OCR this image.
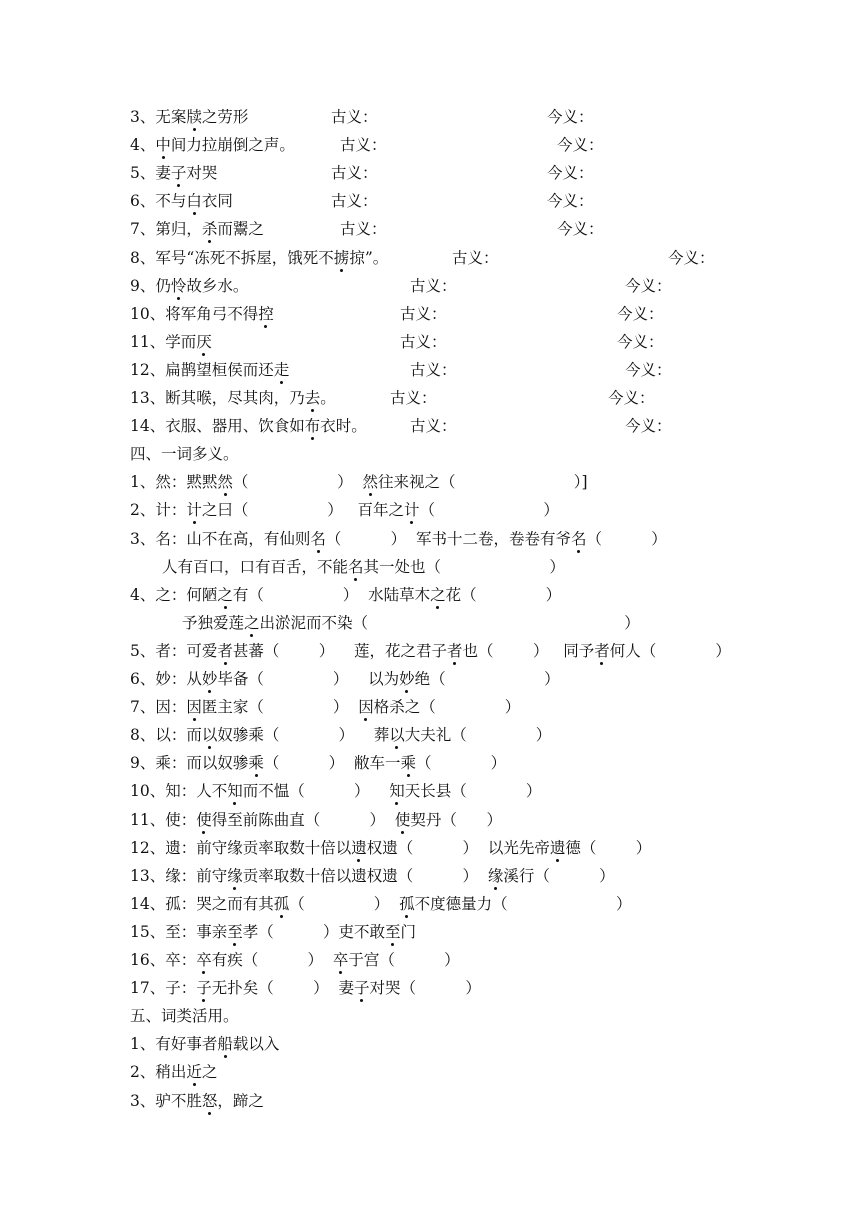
3、无案牍之劳形	古义：	今义：
4、中间力拉崩倒之声。	古义：	今义：
5、妻子对哭	古义：	今义：
6、不与白衣同	古义：	今义：
7、第归，杀而鬻之	古义：	今义：
8、军号“冻死不拆屋，饿死不掳掠”。	古义：	今义：
9、仍怜故乡水。	古义：	今义：
10、将军角弓不得控	古义：	今义：
11、学而厌	古义：	今义：
12、扁鹊望桓侯而还走	古义：	今义：
13、断其喉，尽其肉，乃去。	古义：	今义：
14、衣服、器用、饮食如布衣时。	古义：	今义：
四、一词多义。
1、然：黙黙然（                  ）  然往来视之（                        ）]
2、计：计之曰（                ）   百年之计（                      ）
3、名：山不在高，有仙则名（          ）  军书十二卷，卷卷有爷名（          ）
人有百口，口有百舌，不能名其一处也（                      ）
4、之：何陋之有（                ）  水陆草木之花（              ）
予独爱莲之出淤泥而不染（                                                    ）
5、者：可爱者甚蕃（        ）    莲，花之君子者也（        ）   同予者何人（            ）
6、妙：从妙毕备（              ）    以为妙绝（                    ）
7、因：因匿主家（              ）  因格杀之（              ）
8、以：而以奴骖乘（            ）    葬以大夫礼（              ）
9、乘：而以奴骖乘（          ）  敝车一乘（            ）
10、知：人不知而不愠（          ）    知天长县（            ）
11、使：使得至前陈曲直（          ）  使契丹（      ）
12、遗：前守缘贡率取数十倍以遗权遗（          ）  以光先帝遗德（        ）
13、缘：前守缘贡率取数十倍以遗权遗（          ）  缘溪行（          ）
14、孤：哭之而有其孤（              ）  孤不度德量力（                      ）
15、至：事亲至孝（          ）吏不敢至门
16、卒：卒有疾（          ）  卒于宫（          ）
17、子：子无扑矣（        ）  妻子对哭（          ）
五、词类活用。
1、有好事者船载以入
2、稍出近之
3、驴不胜怒，蹄之
